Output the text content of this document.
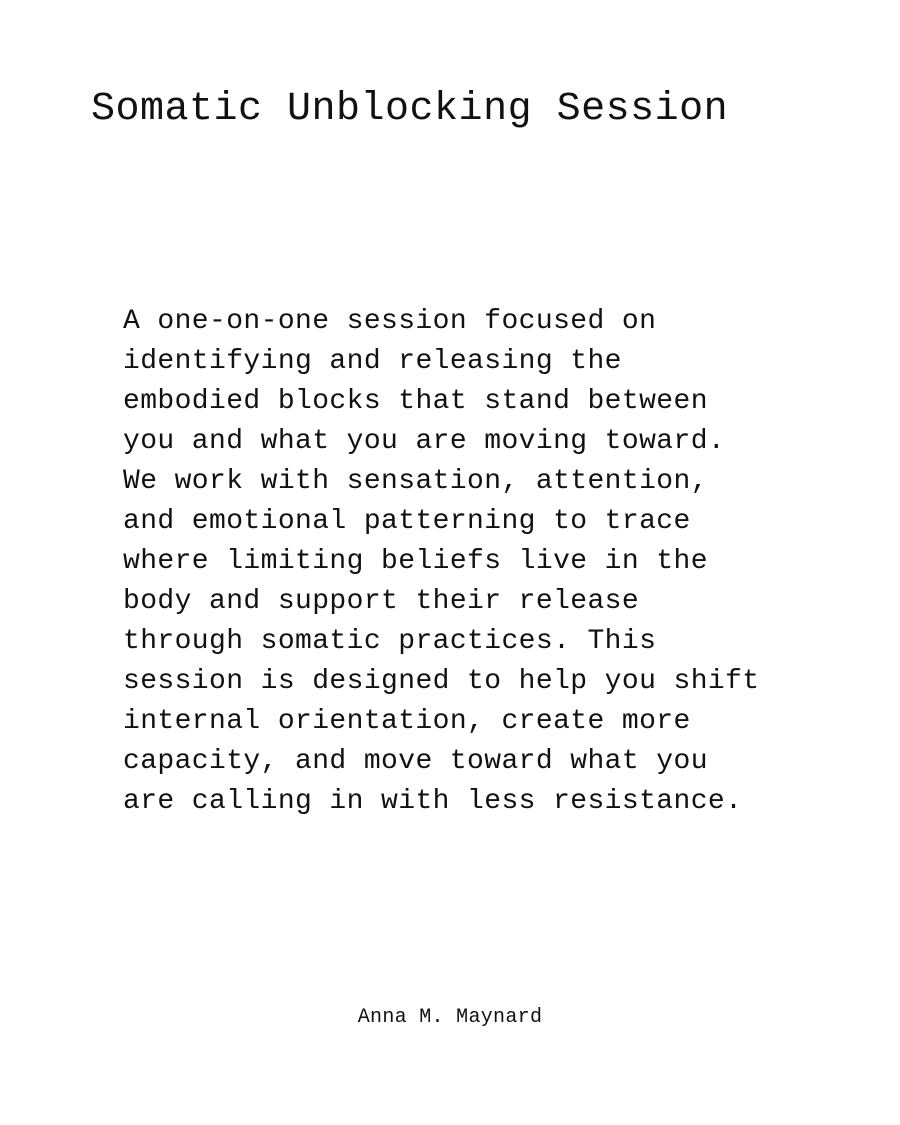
Somatic Unblocking Session
A one-on-one session focused on
identifying and releasing the
embodied blocks that stand between
you and what you are moving toward.
We work with sensation, attention,
and emotional patterning to trace
where limiting beliefs live in the
body and support their release
through somatic practices. This
session is designed to help you shift
internal orientation, create more
capacity, and move toward what you
are calling in with less resistance.
Anna M. Maynard
